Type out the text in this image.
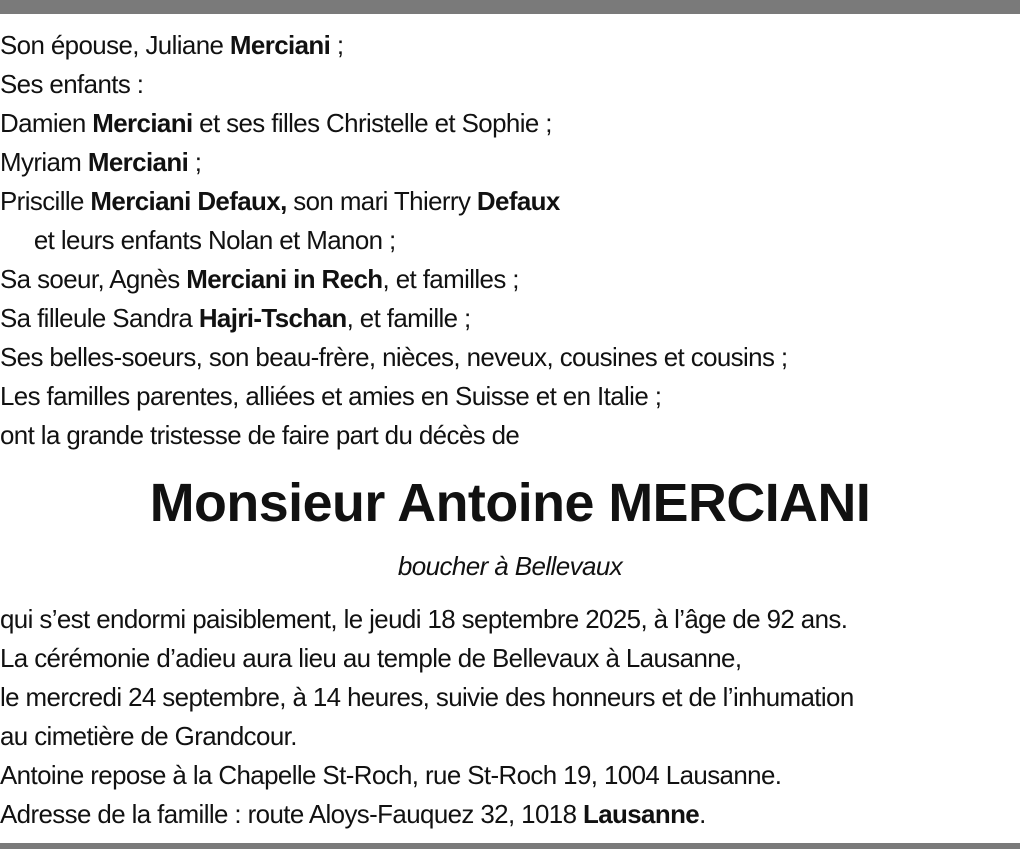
Son épouse, Juliane Merciani ;
Ses enfants :
Damien Merciani et ses filles Christelle et Sophie ;
Myriam Merciani ;
Priscille Merciani Defaux, son mari Thierry Defaux
et leurs enfants Nolan et Manon ;
Sa soeur, Agnès Merciani in Rech, et familles ;
Sa filleule Sandra Hajri-Tschan, et famille ;
Ses belles-soeurs, son beau-frère, nièces, neveux, cousines et cousins ;
Les familles parentes, alliées et amies en Suisse et en Italie ;
ont la grande tristesse de faire part du décès de
Monsieur Antoine MERCIANI
boucher à Bellevaux
qui s’est endormi paisiblement, le jeudi 18 septembre 2025, à l’âge de 92 ans.
La cérémonie d’adieu aura lieu au temple de Bellevaux à Lausanne,
le mercredi 24 septembre, à 14 heures, suivie des honneurs et de l’inhumation
au cimetière de Grandcour.
Antoine repose à la Chapelle St-Roch, rue St-Roch 19, 1004 Lausanne.
Adresse de la famille : route Aloys-Fauquez 32, 1018 Lausanne.
